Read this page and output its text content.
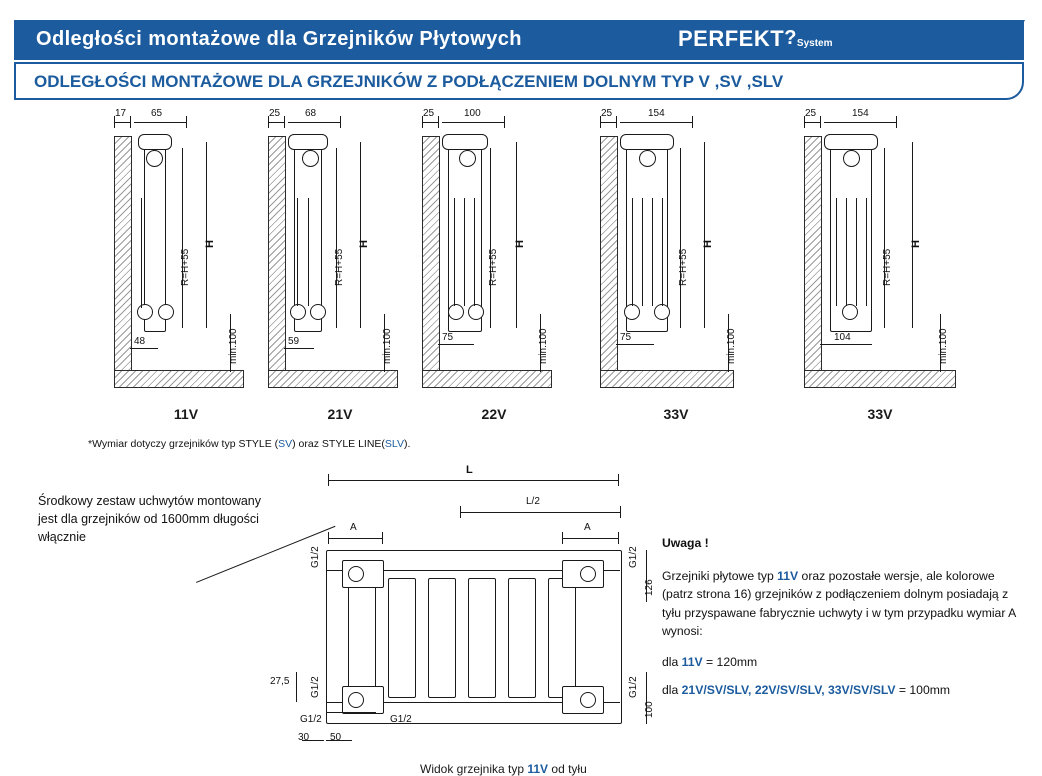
Odległości montażowe dla Grzejników Płytowych	PERFEKT?System
ODLEGŁOŚCI MONTAŻOWE DLA GRZEJNIKÓW Z PODŁĄCZENIEM DOLNYM TYP V ,SV ,SLV
17 65
R=H+55
H
min.100
48
11V
25 68
R=H+55
H
min.100
59
21V
25	100
R=H+55
H
min.100
75
22V
25	154
R=H+55
H
min.100
75
33V
25	154
R=H+55
H
min.100
104
33V
*Wymiar dotyczy grzejników typ STYLE (SV) oraz STYLE LINE(SLV).
Środkowy zestaw uchwytów montowany jest dla grzejników od 1600mm długości włącznie
L
L/2
A	A
G1/2	G1/2
G1/2	G1/2
126
100
27,5
30 50
G1/2	G1/2
Widok grzejnika typ 11V od tyłu
Uwaga !
Grzejniki płytowe typ 11V oraz pozostałe wersje, ale kolorowe (patrz strona 16) grzejników z podłączeniem dolnym posiadają z tyłu przyspawane fabrycznie uchwyty i w tym przypadku wymiar A wynosi:
dla 11V = 120mm
dla 21V/SV/SLV, 22V/SV/SLV, 33V/SV/SLV = 100mm
